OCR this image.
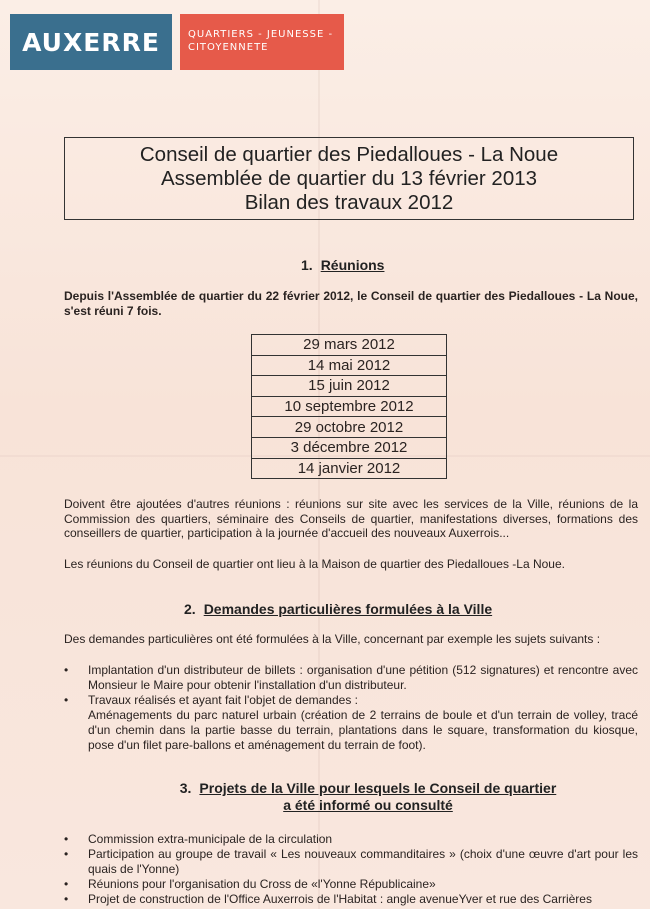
AUXERRE	QUARTIERS - JEUNESSE -
CITOYENNETE
Conseil de quartier des Piedalloues - La Noue
Assemblée de quartier du 13 février 2013
Bilan des travaux 2012
1. Réunions
Depuis l'Assemblée de quartier du 22 février 2012, le Conseil de quartier des Piedalloues - La Noue, s'est réuni 7 fois.
29 mars 2012
14 mai 2012
15 juin 2012
10 septembre 2012
29 octobre 2012
3 décembre 2012
14 janvier 2012
Doivent être ajoutées d'autres réunions : réunions sur site avec les services de la Ville, réunions de la Commission des quartiers, séminaire des Conseils de quartier, manifestations diverses, formations des conseillers de quartier, participation à la journée d'accueil des nouveaux Auxerrois...
Les réunions du Conseil de quartier ont lieu à la Maison de quartier des Piedalloues -La Noue.
2. Demandes particulières formulées à la Ville
Des demandes particulières ont été formulées à la Ville, concernant par exemple les sujets suivants :
• Implantation d'un distributeur de billets : organisation d'une pétition (512 signatures) et rencontre avec Monsieur le Maire pour obtenir l'installation d'un distributeur.
• Travaux réalisés et ayant fait l'objet de demandes :
Aménagements du parc naturel urbain (création de 2 terrains de boule et d'un terrain de volley, tracé d'un chemin dans la partie basse du terrain, plantations dans le square, transformation du kiosque, pose d'un filet pare-ballons et aménagement du terrain de foot).
3. Projets de la Ville pour lesquels le Conseil de quartier
a été informé ou consulté
• Commission extra-municipale de la circulation
• Participation au groupe de travail « Les nouveaux commanditaires » (choix d'une œuvre d'art pour les quais de l'Yonne)
• Réunions pour l'organisation du Cross de «l'Yonne Républicaine»
• Projet de construction de l'Office Auxerrois de l'Habitat : angle avenueYver et rue des Carrières
